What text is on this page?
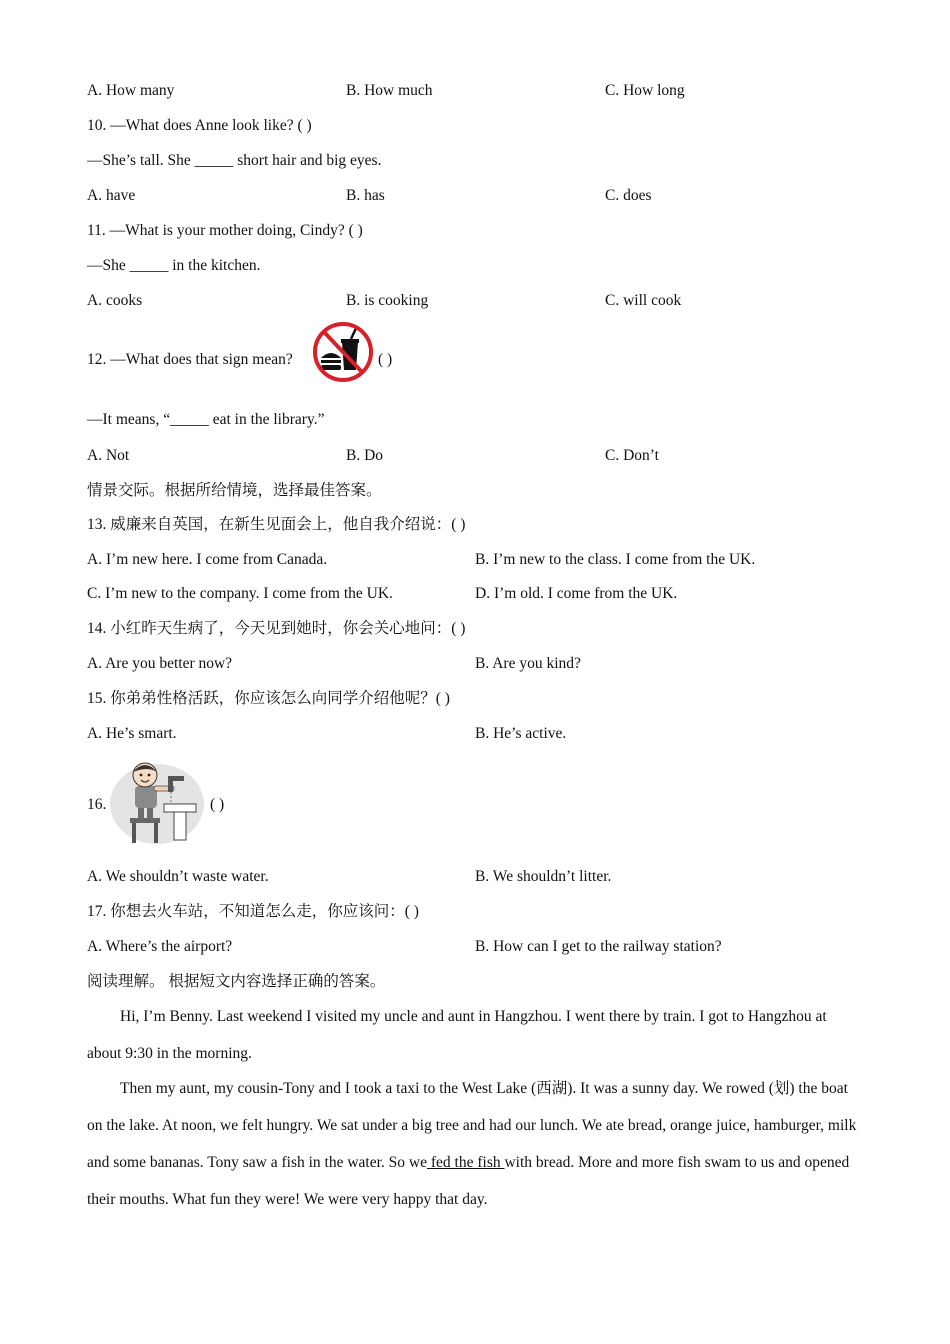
A. How many	B. How much	C. How long
10. —What does Anne look like? ( )
—She’s tall. She _____ short hair and big eyes.
A. have	B. has	C. does
11. —What is your mother doing, Cindy? ( )
—She _____ in the kitchen.
A. cooks	B. is cooking	C. will cook
12. —What does that sign mean?	( )
—It means, “_____ eat in the library.”
A. Not	B. Do	C. Don’t
情景交际。根据所给情境，选择最佳答案。
13. 威廉来自英国，在新生见面会上，他自我介绍说：( )
A. I’m new here. I come from Canada.	B. I’m new to the class. I come from the UK.
C. I’m new to the company. I come from the UK.	D. I’m old. I come from the UK.
14. 小红昨天生病了，今天见到她时，你会关心地问：( )
A. Are you better now?	B. Are you kind?
15. 你弟弟性格活跃，你应该怎么向同学介绍他呢？( )
A. He’s smart.	B. He’s active.
16.	( )
A. We shouldn’t waste water.	B. We shouldn’t litter.
17. 你想去火车站，不知道怎么走，你应该问：( )
A. Where’s the airport?	B. How can I get to the railway station?
阅读理解。 根据短文内容选择正确的答案。
Hi, I’m Benny. Last weekend I visited my uncle and aunt in Hangzhou. I went there by train. I got to Hangzhou at about 9:30 in the morning.
Then my aunt, my cousin-Tony and I took a taxi to the West Lake (西湖). It was a sunny day. We rowed (划) the boat on the lake. At noon, we felt hungry. We sat under a big tree and had our lunch. We ate bread, orange juice, hamburger, milk and some bananas. Tony saw a fish in the water. So we fed the fish with bread. More and more fish swam to us and opened their mouths. What fun they were! We were very happy that day.
